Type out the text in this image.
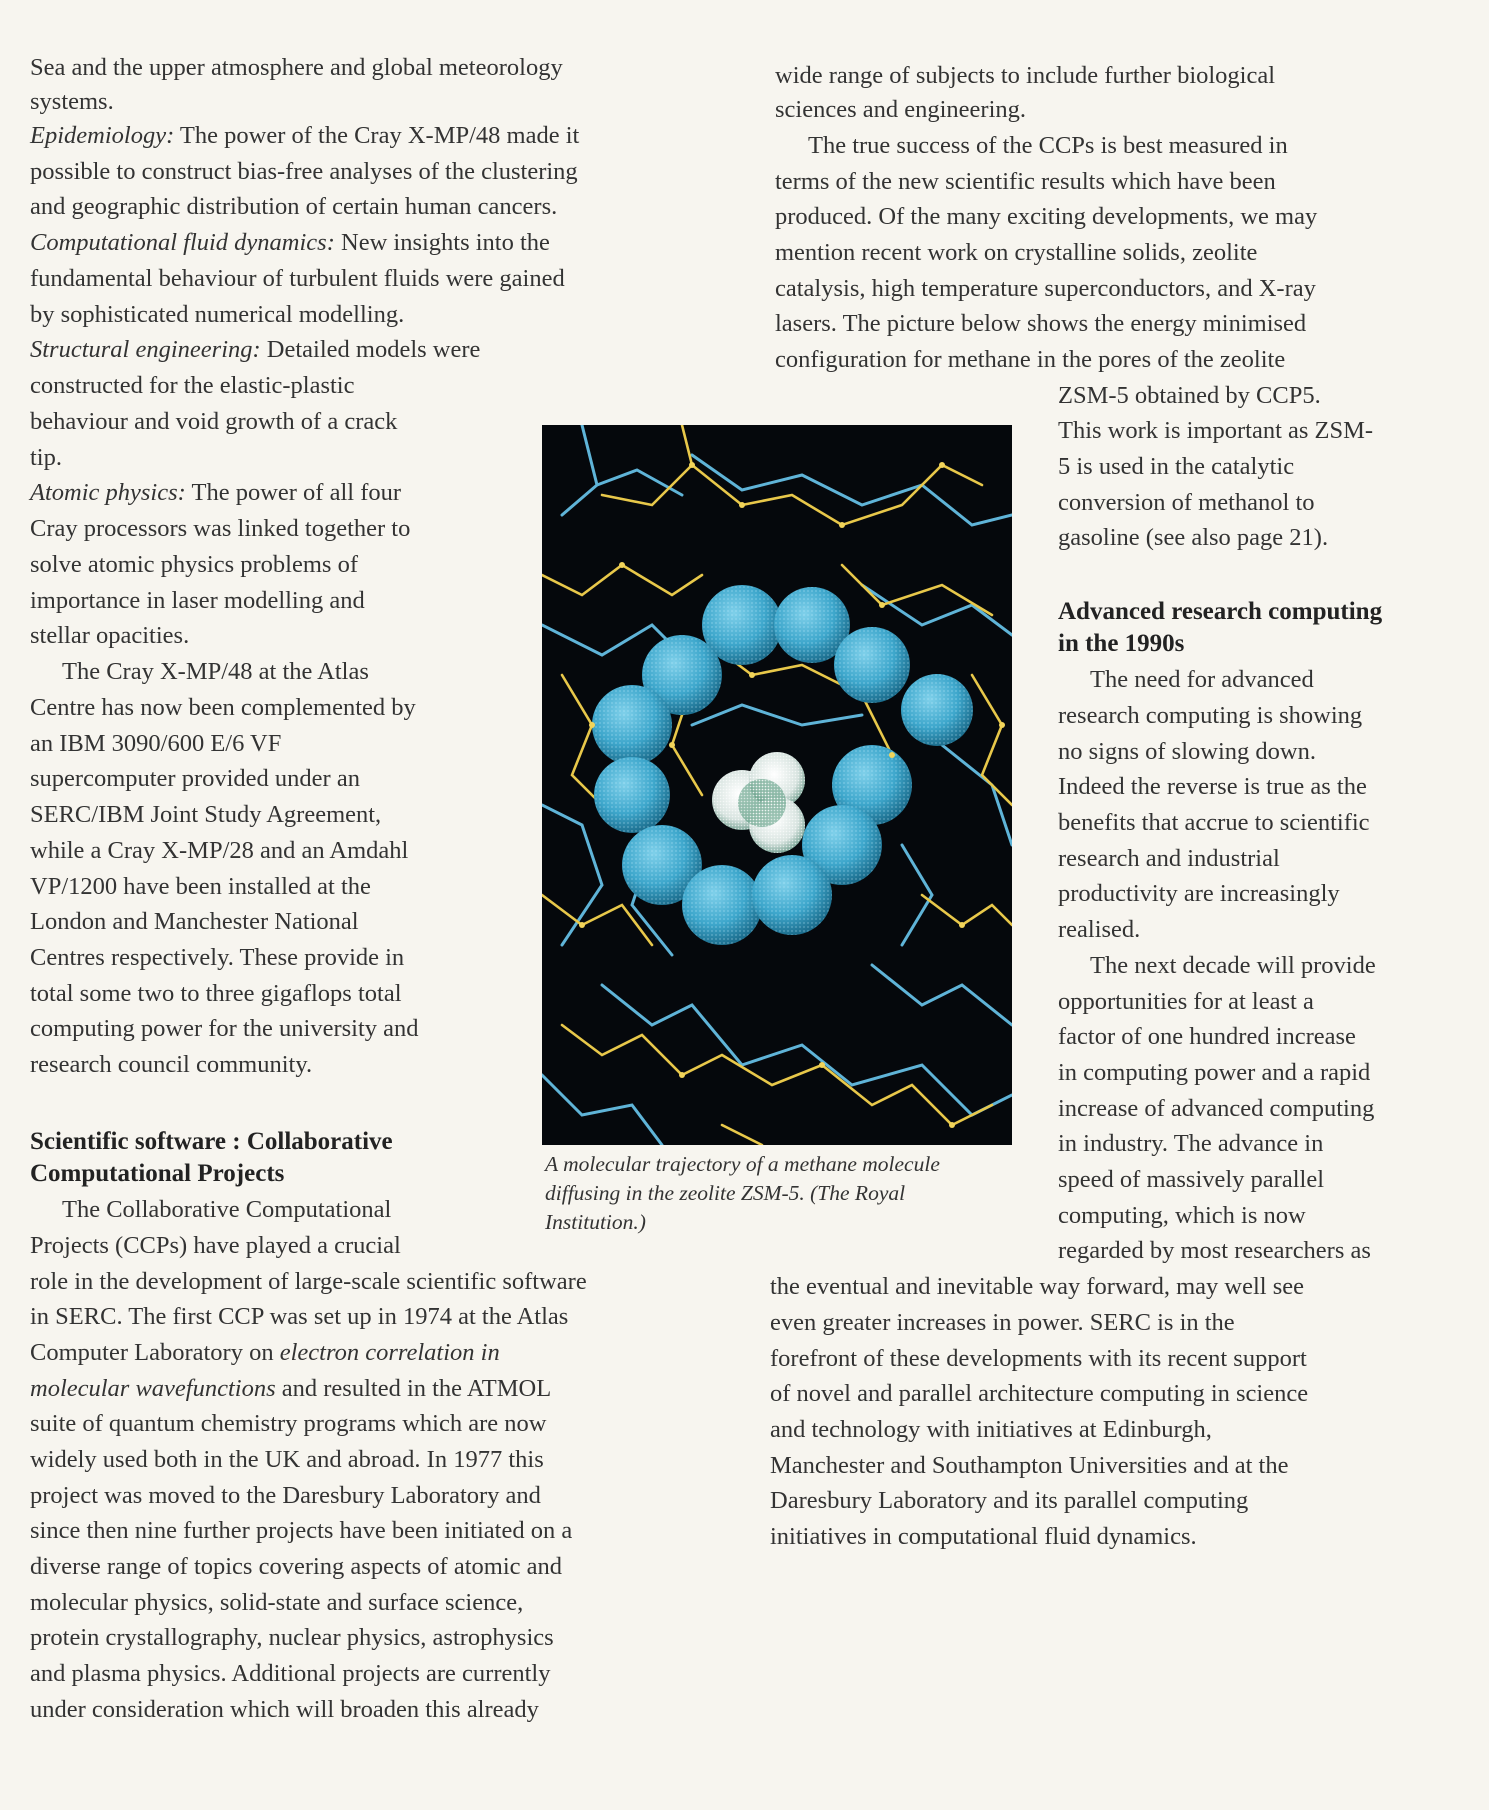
Sea and the upper atmosphere and global meteorology
systems.
Epidemiology: The power of the Cray X-MP/48 made it
possible to construct bias-free analyses of the clustering
and geographic distribution of certain human cancers.
Computational fluid dynamics: New insights into the
fundamental behaviour of turbulent fluids were gained
by sophisticated numerical modelling.
Structural engineering: Detailed models were
constructed for the elastic-plastic
behaviour and void growth of a crack
tip.
Atomic physics: The power of all four
Cray processors was linked together to
solve atomic physics problems of
importance in laser modelling and
stellar opacities.
The Cray X-MP/48 at the Atlas
Centre has now been complemented by
an IBM 3090/600 E/6 VF
supercomputer provided under an
SERC/IBM Joint Study Agreement,
while a Cray X-MP/28 and an Amdahl
VP/1200 have been installed at the
London and Manchester National
Centres respectively. These provide in
total some two to three gigaflops total
computing power for the university and
research council community.
Scientific software : Collaborative
Computational Projects
The Collaborative Computational
Projects (CCPs) have played a crucial
role in the development of large-scale scientific software
in SERC. The first CCP was set up in 1974 at the Atlas
Computer Laboratory on electron correlation in
molecular wavefunctions and resulted in the ATMOL
suite of quantum chemistry programs which are now
widely used both in the UK and abroad. In 1977 this
project was moved to the Daresbury Laboratory and
since then nine further projects have been initiated on a
diverse range of topics covering aspects of atomic and
molecular physics, solid-state and surface science,
protein crystallography, nuclear physics, astrophysics
and plasma physics. Additional projects are currently
under consideration which will broaden this already
wide range of subjects to include further biological
sciences and engineering.
The true success of the CCPs is best measured in
terms of the new scientific results which have been
produced. Of the many exciting developments, we may
mention recent work on crystalline solids, zeolite
catalysis, high temperature superconductors, and X-ray
lasers. The picture below shows the energy minimised
configuration for methane in the pores of the zeolite
ZSM-5 obtained by CCP5.
This work is important as ZSM-
5 is used in the catalytic
conversion of methanol to
gasoline (see also page 21).
Advanced research computing
in the 1990s
The need for advanced
research computing is showing
no signs of slowing down.
Indeed the reverse is true as the
benefits that accrue to scientific
research and industrial
productivity are increasingly
realised.
The next decade will provide
opportunities for at least a
factor of one hundred increase
in computing power and a rapid
increase of advanced computing
in industry. The advance in
speed of massively parallel
computing, which is now
regarded by most researchers as
the eventual and inevitable way forward, may well see
even greater increases in power. SERC is in the
forefront of these developments with its recent support
of novel and parallel architecture computing in science
and technology with initiatives at Edinburgh,
Manchester and Southampton Universities and at the
Daresbury Laboratory and its parallel computing
initiatives in computational fluid dynamics.
A molecular trajectory of a methane molecule
diffusing in the zeolite ZSM-5. (The Royal
Institution.)
